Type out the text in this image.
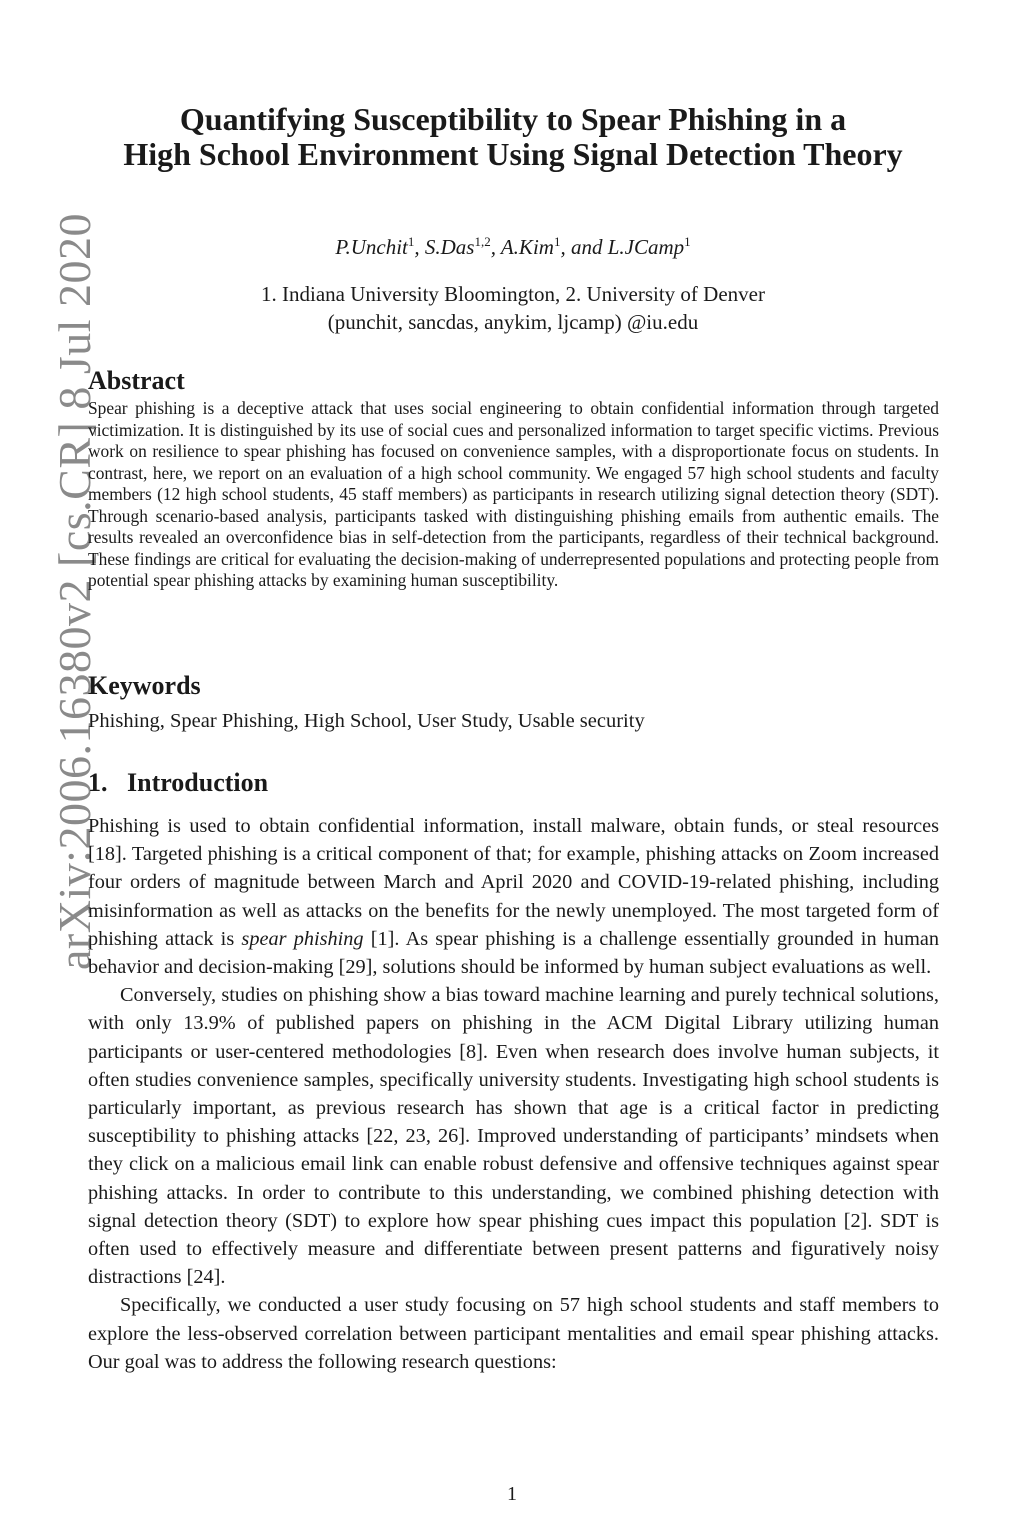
arXiv:2006.16380v2 [cs.CR] 8 Jul 2020
Quantifying Susceptibility to Spear Phishing in a
High School Environment Using Signal Detection Theory
P.Unchit$^1$, S.Das$^{1,2}$, A.Kim$^1$, and L.JCamp$^1$
1. Indiana University Bloomington, 2. University of Denver
(punchit, sancdas, anykim, ljcamp) @iu.edu
Abstract

Spear phishing is a deceptive attack that uses social engineering to obtain confidential information through targeted victimization. It is distinguished by its use of social cues and personalized information to target specific victims. Previous work on resilience to spear phishing has focused on convenience samples, with a disproportionate focus on students. In contrast, here, we report on an evaluation of a high school community. We engaged 57 high school students and faculty members (12 high school students, 45 staff members) as participants in research utilizing signal detection theory (SDT). Through scenario-based analysis, participants tasked with distinguishing phishing emails from authentic emails. The results revealed an overconfidence bias in self-detection from the participants, regardless of their technical background. These findings are critical for evaluating the decision-making of underrepresented populations and protecting people from potential spear phishing attacks by examining human susceptibility.

Keywords

Phishing, Spear Phishing, High School, User Study, Usable security

1.   Introduction

Phishing is used to obtain confidential information, install malware, obtain funds, or steal resources [18]. Targeted phishing is a critical component of that; for example, phishing attacks on Zoom increased four orders of magnitude between March and April 2020 and COVID-19-related phishing, including misinformation as well as attacks on the benefits for the newly unemployed. The most targeted form of phishing attack is spear phishing [1]. As spear phishing is a challenge essentially grounded in human behavior and decision-making [29], solutions should be informed by human subject evaluations as well.

Conversely, studies on phishing show a bias toward machine learning and purely technical solutions, with only 13.9% of published papers on phishing in the ACM Digital Library utilizing human participants or user-centered methodologies [8]. Even when research does involve human subjects, it often studies convenience samples, specifically university students. Investigating high school students is particularly important, as previous research has shown that age is a critical factor in predicting susceptibility to phishing attacks [22, 23, 26]. Improved understanding of participants’ mindsets when they click on a malicious email link can enable robust defensive and offensive techniques against spear phishing attacks. In order to contribute to this understanding, we combined phishing detection with signal detection theory (SDT) to explore how spear phishing cues impact this population [2]. SDT is often used to effectively measure and differentiate between present patterns and figuratively noisy distractions [24].

Specifically, we conducted a user study focusing on 57 high school students and staff members to explore the less-observed correlation between participant mentalities and email spear phishing attacks. Our goal was to address the following research questions:

1
